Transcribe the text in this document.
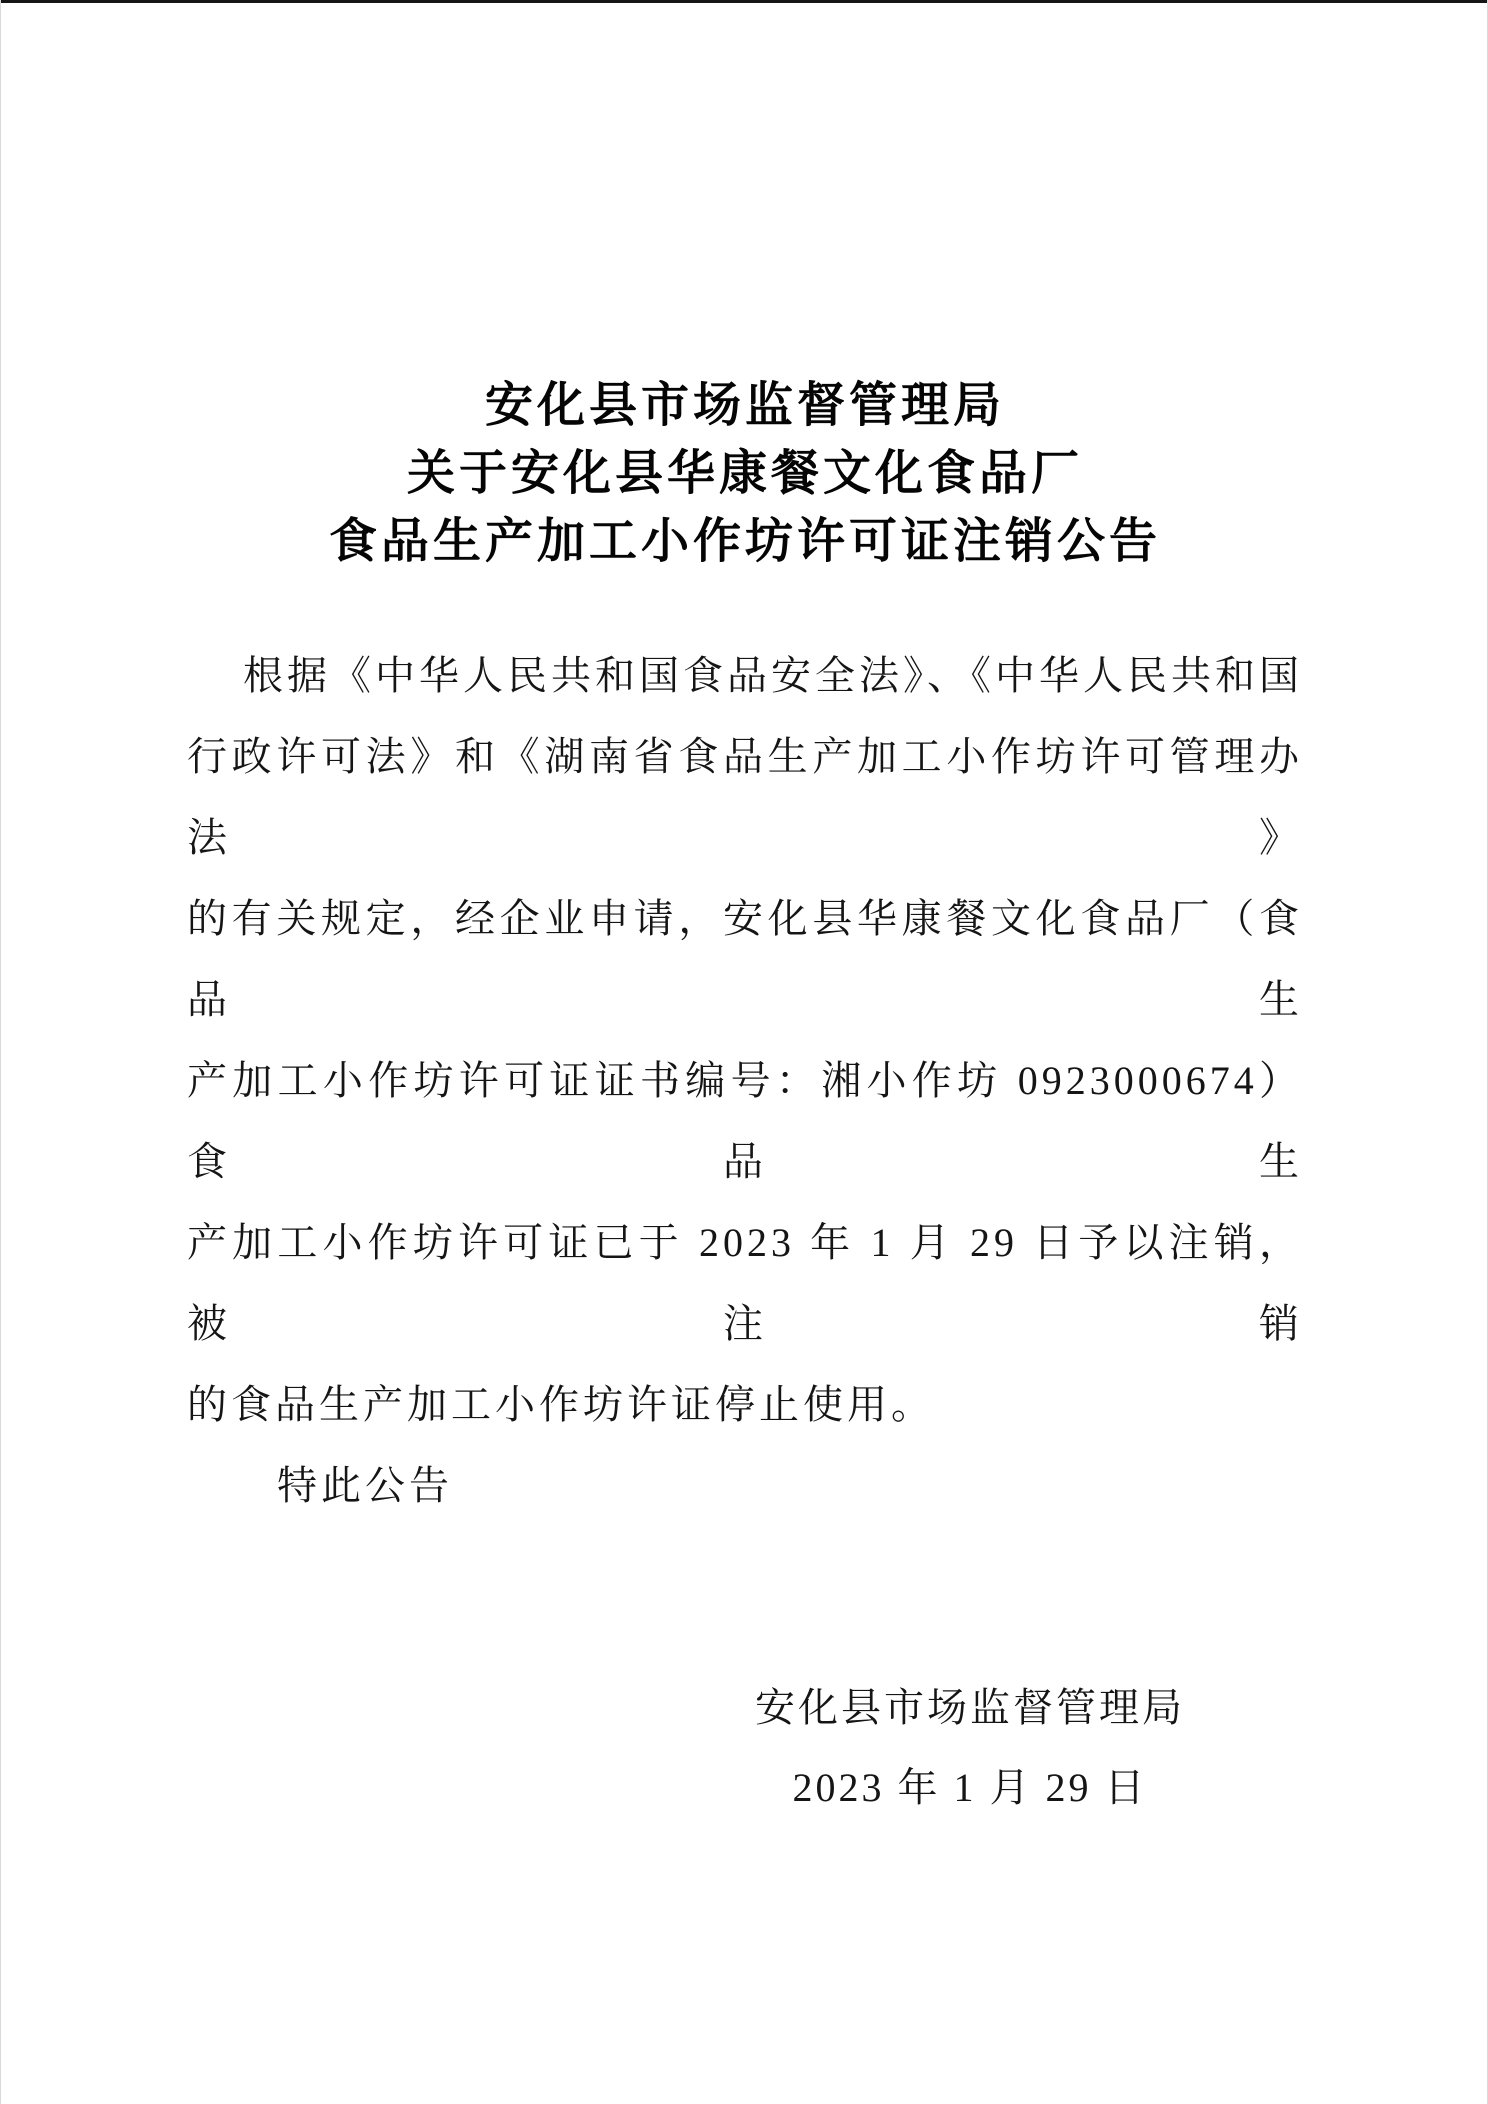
安化县市场监督管理局
关于安化县华康餐文化食品厂
食品生产加工小作坊许可证注销公告
根据《中华人民共和国食品安全法》、《中华人民共和国
行政许可法》和《湖南省食品生产加工小作坊许可管理办法》
的有关规定，经企业申请，安化县华康餐文化食品厂（食品生
产加工小作坊许可证证书编号：湘小作坊 0923000674）食品生
产加工小作坊许可证已于 2023 年 1 月 29 日予以注销，被注销
的食品生产加工小作坊许证停止使用。
特此公告
安化县市场监督管理局
2023 年 1 月 29 日
